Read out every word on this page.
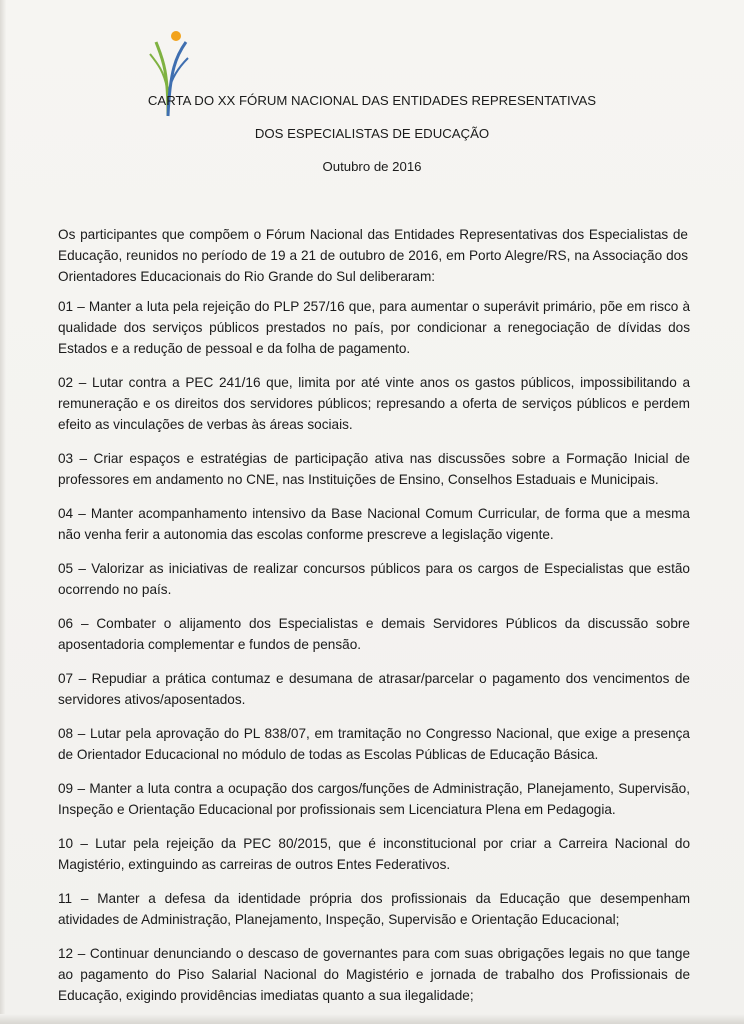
CARTA DO XX FÓRUM NACIONAL DAS ENTIDADES REPRESENTATIVAS
DOS ESPECIALISTAS DE EDUCAÇÃO
Outubro de 2016
Os participantes que compõem o Fórum Nacional das Entidades Representativas dos Especialistas de Educação, reunidos no período de 19 a 21 de outubro de 2016, em Porto Alegre/RS, na Associação dos Orientadores Educacionais do Rio Grande do Sul deliberaram:

01 – Manter a luta pela rejeição do PLP 257/16 que, para aumentar o superávit primário, põe em risco à qualidade dos serviços públicos prestados no país, por condicionar a renegociação de dívidas dos Estados e a redução de pessoal e da folha de pagamento.

02 – Lutar contra a PEC 241/16 que, limita por até vinte anos os gastos públicos, impossibilitando a remuneração e os direitos dos servidores públicos; represando a oferta de serviços públicos e perdem efeito as vinculações de verbas às áreas sociais.

03 – Criar espaços e estratégias de participação ativa nas discussões sobre a Formação Inicial de professores em andamento no CNE, nas Instituições de Ensino, Conselhos Estaduais e Municipais.

04 – Manter acompanhamento intensivo da Base Nacional Comum Curricular, de forma que a mesma não venha ferir a autonomia das escolas conforme prescreve a legislação vigente.

05 – Valorizar as iniciativas de realizar concursos públicos para os cargos de Especialistas que estão ocorrendo no país.

06 – Combater o alijamento dos Especialistas e demais Servidores Públicos da discussão sobre aposentadoria complementar e fundos de pensão.

07 – Repudiar a prática contumaz e desumana de atrasar/parcelar o pagamento dos vencimentos de servidores ativos/aposentados.

08 – Lutar pela aprovação do PL 838/07, em tramitação no Congresso Nacional, que exige a presença de Orientador Educacional no módulo de todas as Escolas Públicas de Educação Básica.

09 – Manter a luta contra a ocupação dos cargos/funções de Administração, Planejamento, Supervisão, Inspeção e Orientação Educacional por profissionais sem Licenciatura Plena em Pedagogia.

10 – Lutar pela rejeição da PEC 80/2015, que é inconstitucional por criar a Carreira Nacional do Magistério, extinguindo as carreiras de outros Entes Federativos.

11 – Manter a defesa da identidade própria dos profissionais da Educação que desempenham atividades de Administração, Planejamento, Inspeção, Supervisão e Orientação Educacional;

12 – Continuar denunciando o descaso de governantes para com suas obrigações legais no que tange ao pagamento do Piso Salarial Nacional do Magistério e jornada de trabalho dos Profissionais de Educação, exigindo providências imediatas quanto a sua ilegalidade;
